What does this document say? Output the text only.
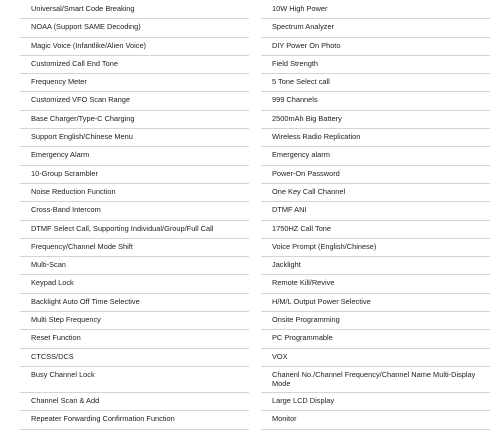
Universal/Smart Code Breaking	10W High Power
NOAA (Support SAME Decoding)	Spectrum Analyzer
Magic Voice (Infantlike/Alien Voice)	DIY Power On Photo
Customized Call End Tone	Field Strength
Frequency Meter	5 Tone Select call
Customized VFO Scan Range	999 Channels
Base Charger/Type-C Charging	2500mAh Big Battery
Support English/Chinese Menu	Wireless Radio Replication
Emergency Alarm	Emergency alarm
10-Group Scrambler	Power-On Password
Noise Reduction Function	One Key Call Channel
Cross-Band Intercom	DTMF ANI
DTMF Select Call, Supporting Individual/Group/Full Call	1750HZ Call Tone
Frequency/Channel Mode Shift	Voice Prompt (English/Chinese)
Multi-Scan	Jacklight
Keypad Lock	Remote Kill/Revive
Backlight Auto Off Time Selective	H/M/L Output Power Selective
Multi Step Frequency	Onsite Programming
Reset Function	PC Programmable
CTCSS/DCS	VOX
Busy Channel Lock	Chanenl No./Channel Frequency/Channel Name Multi-Display Mode
Channel Scan & Add	Large LCD Display
Repeater Forwarding Confirmation Function	Monitor
